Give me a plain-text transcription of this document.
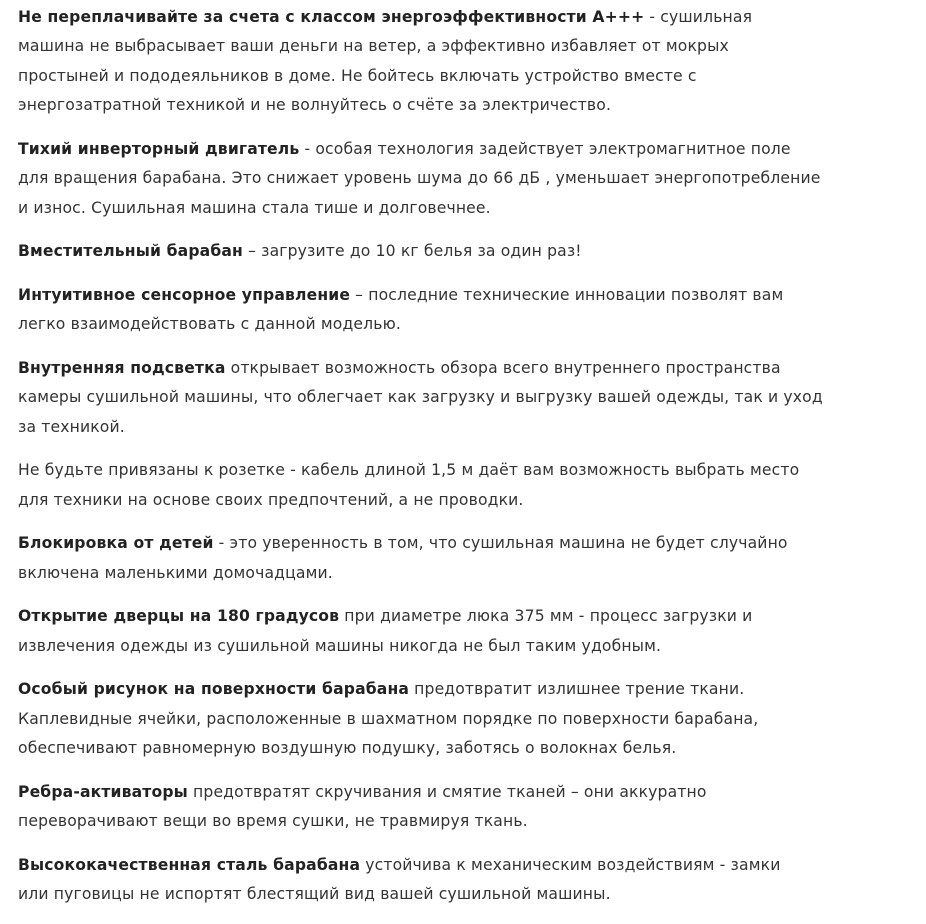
Не переплачивайте за счета с классом энергоэффективности А+++ - сушильная
машина не выбрасывает ваши деньги на ветер, а эффективно избавляет от мокрых
простыней и пододеяльников в доме. Не бойтесь включать устройство вместе с
энергозатратной техникой и не волнуйтесь о счёте за электричество.

Тихий инверторный двигатель - особая технология задействует электромагнитное поле
для вращения барабана. Это снижает уровень шума до 66 дБ , уменьшает энергопотребление
и износ. Сушильная машина стала тише и долговечнее.

Вместительный барабан – загрузите до 10 кг белья за один раз!

Интуитивное сенсорное управление – последние технические инновации позволят вам
легко взаимодействовать с данной моделью.

Внутренняя подсветка открывает возможность обзора всего внутреннего пространства
камеры сушильной машины, что облегчает как загрузку и выгрузку вашей одежды, так и уход
за техникой.

Не будьте привязаны к розетке - кабель длиной 1,5 м даёт вам возможность выбрать место
для техники на основе своих предпочтений, а не проводки.

Блокировка от детей - это уверенность в том, что сушильная машина не будет случайно
включена маленькими домочадцами.

Открытие дверцы на 180 градусов при диаметре люка 375 мм - процесс загрузки и
извлечения одежды из сушильной машины никогда не был таким удобным.

Особый рисунок на поверхности барабана предотвратит излишнее трение ткани.
Каплевидные ячейки, расположенные в шахматном порядке по поверхности барабана,
обеспечивают равномерную воздушную подушку, заботясь о волокнах белья.

Ребра-активаторы предотвратят скручивания и смятие тканей – они аккуратно
переворачивают вещи во время сушки, не травмируя ткань.

Высококачественная сталь барабана устойчива к механическим воздействиям - замки
или пуговицы не испортят блестящий вид вашей сушильной машины.
